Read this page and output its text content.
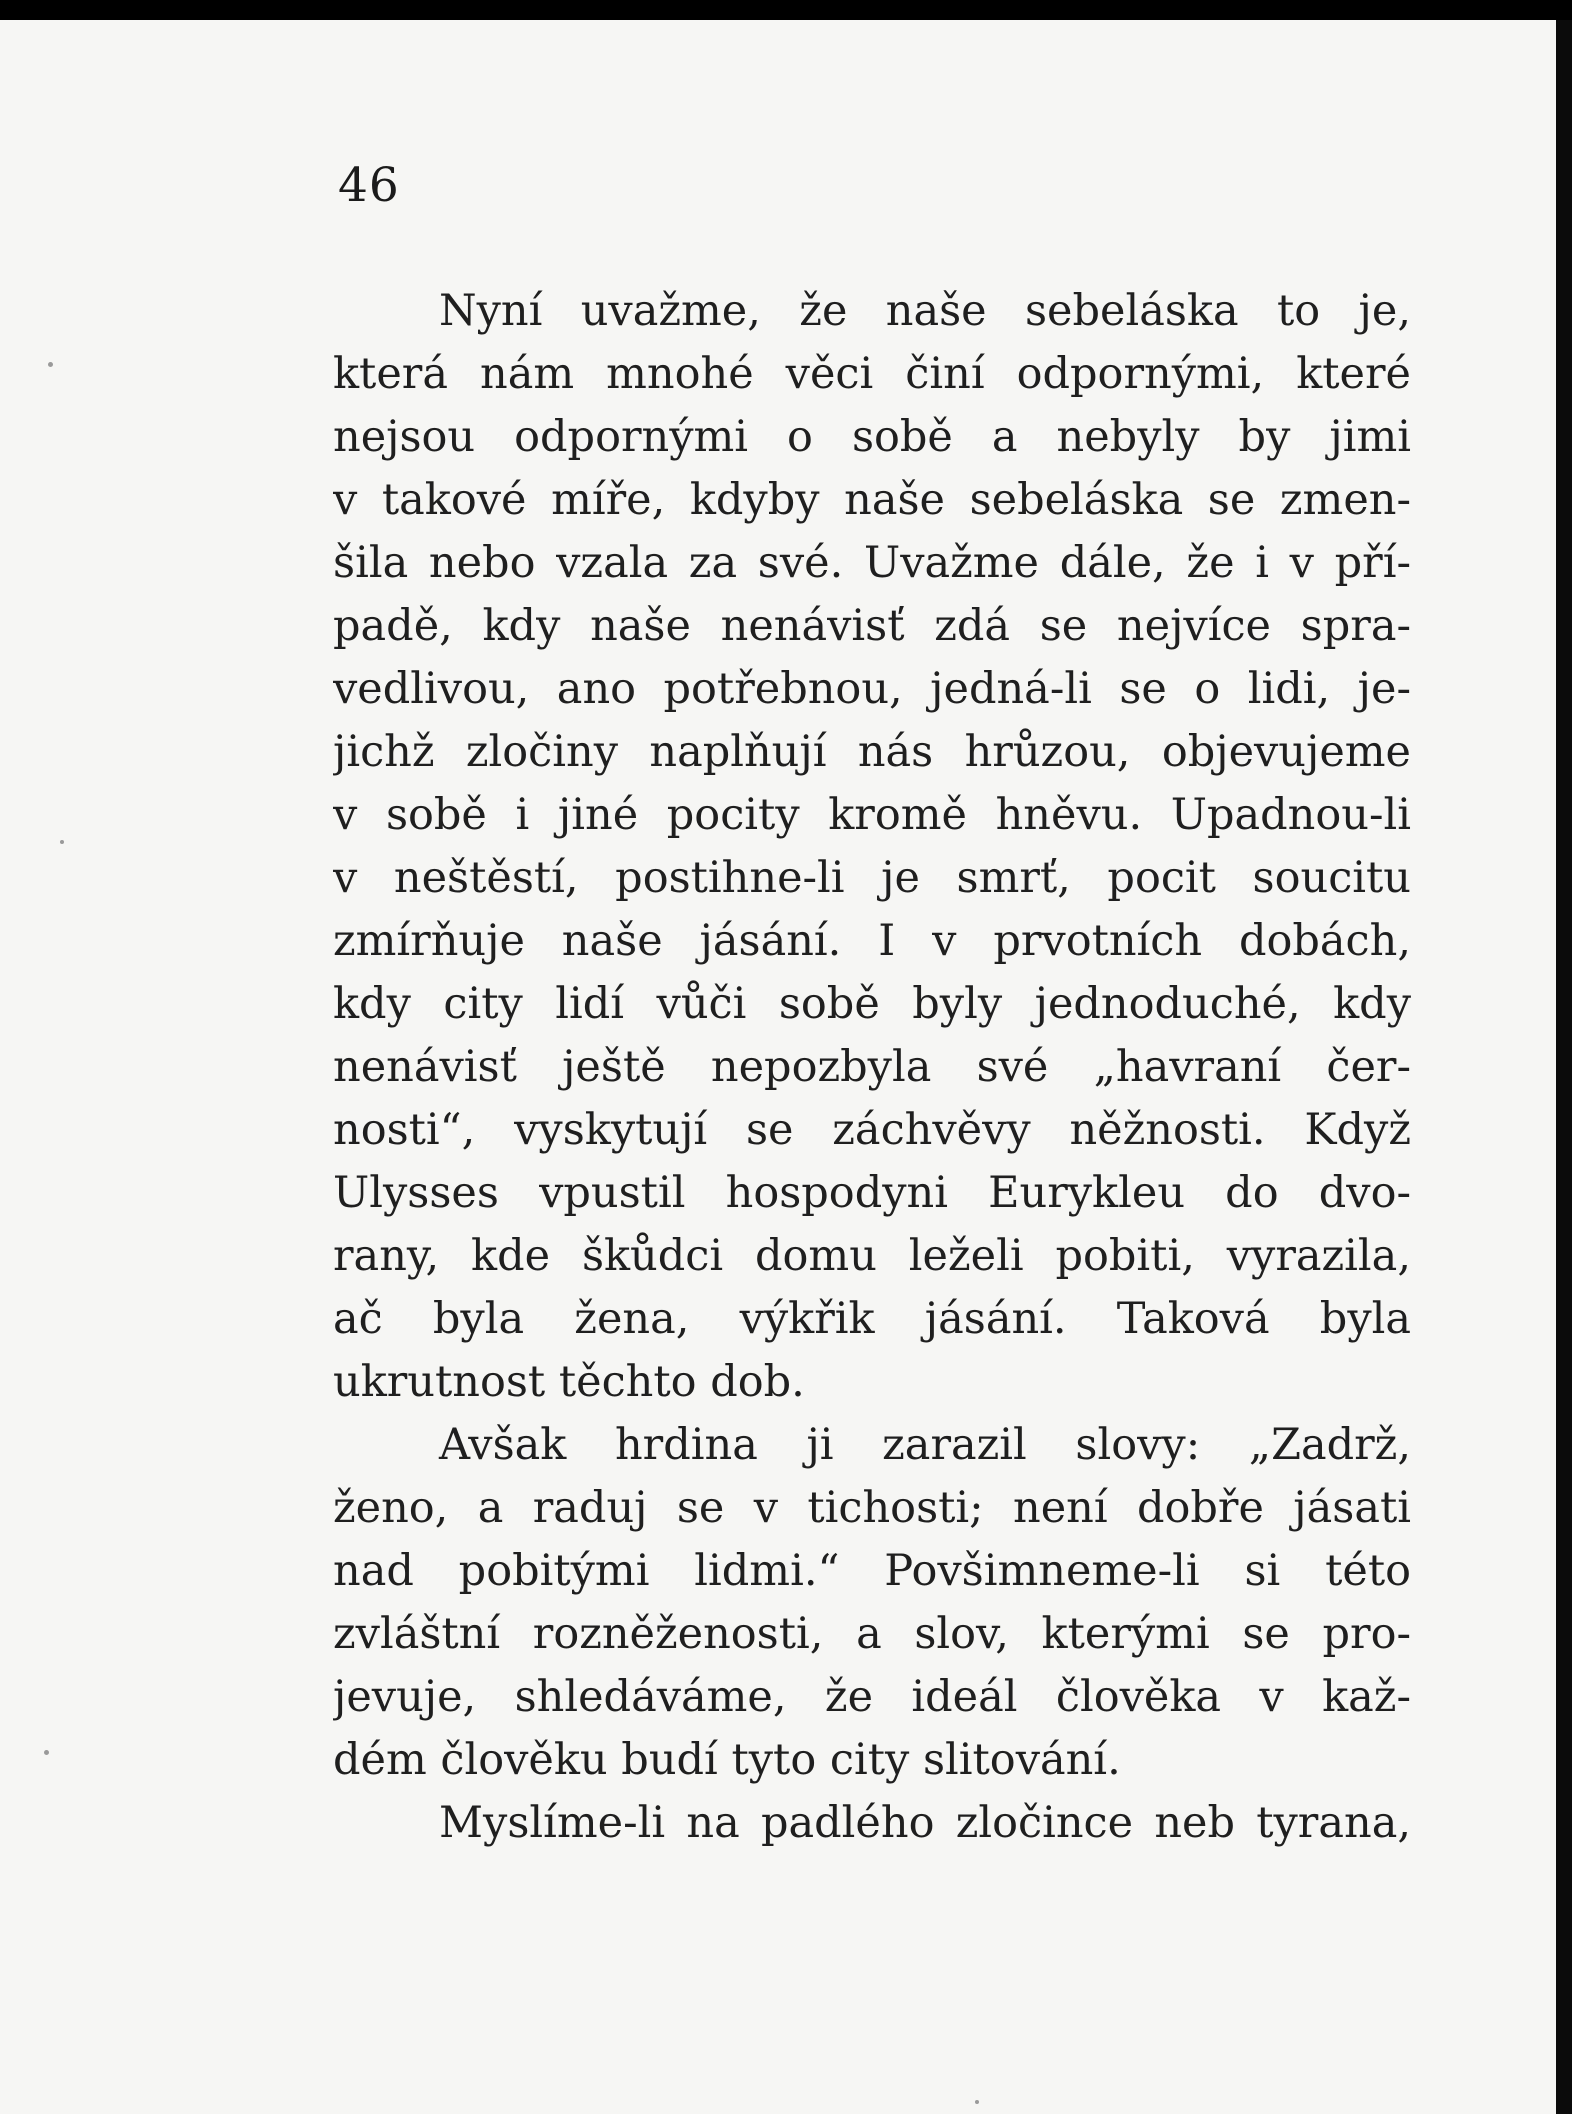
46
Nyní uvažme, že naše sebeláska to je,
která nám mnohé věci činí odpornými, které
nejsou odpornými o sobě a nebyly by jimi
v takové míře, kdyby naše sebeláska se zmen-
šila nebo vzala za své. Uvažme dále, že i v pří-
padě, kdy naše nenávisť zdá se nejvíce spra-
vedlivou, ano potřebnou, jedná-li se o lidi, je-
jichž zločiny naplňují nás hrůzou, objevujeme
v sobě i jiné pocity kromě hněvu. Upadnou-li
v neštěstí, postihne-li je smrť, pocit soucitu
zmírňuje naše jásání. I v prvotních dobách,
kdy city lidí vůči sobě byly jednoduché, kdy
nenávisť ještě nepozbyla své „havraní čer-
nosti“, vyskytují se záchvěvy něžnosti. Když
Ulysses vpustil hospodyni Eurykleu do dvo-
rany, kde škůdci domu leželi pobiti, vyrazila,
ač byla žena, výkřik jásání. Taková byla
ukrutnost těchto dob.
Avšak hrdina ji zarazil slovy: „Zadrž,
ženo, a raduj se v tichosti; není dobře jásati
nad pobitými lidmi.“ Povšimneme-li si této
zvláštní rozněženosti, a slov, kterými se pro-
jevuje, shledáváme, že ideál člověka v kaž-
dém člověku budí tyto city slitování.
Myslíme-li na padlého zločince neb tyrana,
